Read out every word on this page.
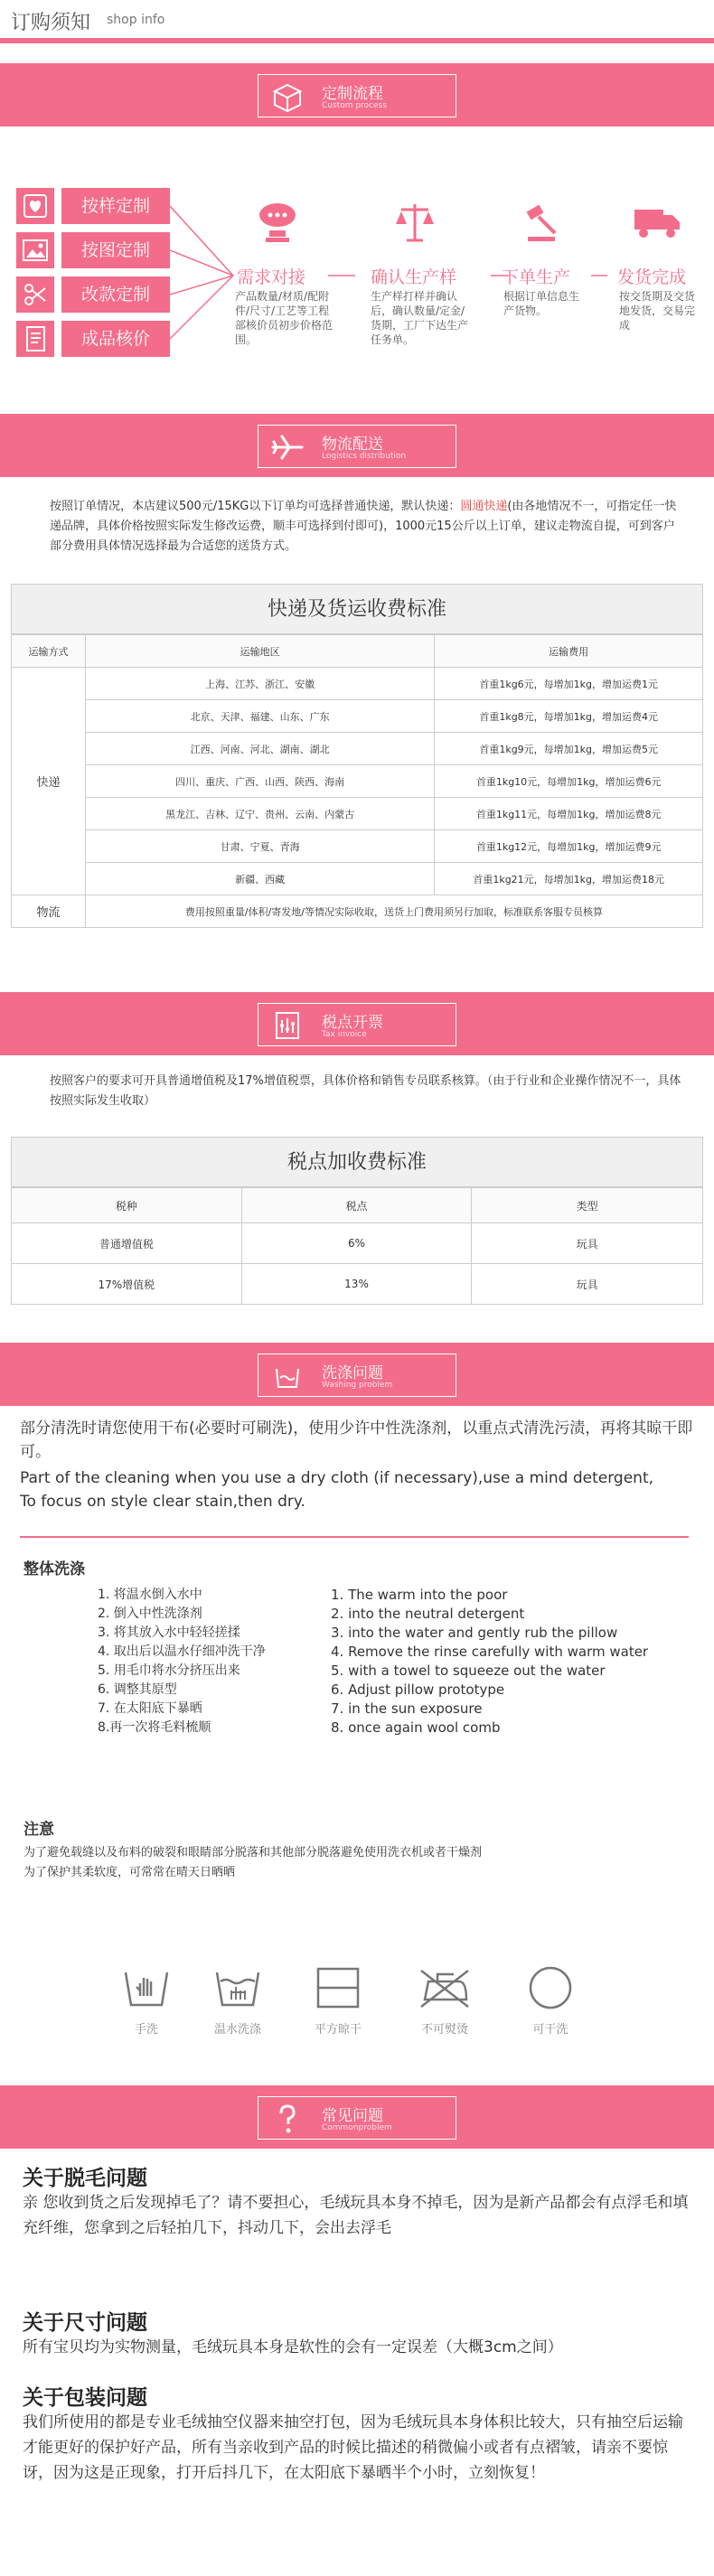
订购须知 shop info
定制流程
Custom process
按样定制
按图定制
改款定制
成品核价
需求对接
产品数量/材质/配附件/尺寸/工艺等工程部核价员初步价格范围。
确认生产样
生产样打样并确认后，确认数量/定金/货期，工厂下达生产任务单。
下单生产
根据订单信息生产货物。
发货完成
按交货期及交货地发货，交易完成
物流配送
Logistics distribution
按照订单情况，本店建议500元/15KG以下订单均可选择普通快递，默认快递：圆通快递(由各地情况不一，可指定任一快递品牌，具体价格按照实际发生修改运费，顺丰可选择到付即可)，1000元15公斤以上订单，建议走物流自提，可到客户部分费用具体情况选择最为合适您的送货方式。
快递及货运收费标准
运输方式	运输地区	运输费用
快递	上海、江苏、浙江、安徽	首重1kg6元，每增加1kg，增加运费1元
	北京、天津、福建、山东、广东	首重1kg8元，每增加1kg，增加运费4元
	江西、河南、河北、湖南、湖北	首重1kg9元，每增加1kg，增加运费5元
	四川、重庆、广西、山西、陕西、海南	首重1kg10元，每增加1kg，增加运费6元
	黑龙江、吉林、辽宁、贵州、云南、内蒙古	首重1kg11元，每增加1kg，增加运费8元
	甘肃、宁夏、青海	首重1kg12元，每增加1kg，增加运费9元
	新疆、西藏	首重1kg21元，每增加1kg，增加运费18元
物流	费用按照重量/体积/寄发地/等情况实际收取，送货上门费用须另行加取，标准联系客服专员核算	
税点开票
Tax invoice
按照客户的要求可开具普通增值税及17%增值税票，具体价格和销售专员联系核算。（由于行业和企业操作情况不一，具体按照实际发生收取）
税点加收费标准
税种	税点	类型
普通增值税	6%	玩具
17%增值税	13%	玩具
洗涤问题
Washing problem
部分清洗时请您使用干布(必要时可刷洗)，使用少许中性洗涤剂，以重点式清洗污渍，再将其晾干即可。
Part of the cleaning when you use a dry cloth (if necessary),use a mind detergent,
To focus on style clear stain,then dry.
整体洗涤
1. 将温水倒入水中
2. 倒入中性洗涤剂
3. 将其放入水中轻轻搓揉
4. 取出后以温水仔细冲洗干净
5. 用毛巾将水分挤压出来
6. 调整其原型
7. 在太阳底下暴晒
8.再一次将毛料梳顺
1. The warm into the poor
2. into the neutral detergent
3. into the water and gently rub the pillow
4. Remove the rinse carefully with warm water
5. with a towel to squeeze out the water
6. Adjust pillow prototype
7. in the sun exposure
8. once again wool comb
注意
为了避免载缝以及布料的破裂和眼睛部分脱落和其他部分脱落避免使用洗衣机或者干燥剂
为了保护其柔软度，可常常在晴天日晒晒
手洗	温水洗涤	平方晾干	不可熨烫	可干洗
常见问题
Commonproblem
关于脱毛问题
亲 您收到货之后发现掉毛了？请不要担心，毛绒玩具本身不掉毛，因为是新产品都会有点浮毛和填充纤维，您拿到之后轻拍几下，抖动几下，会出去浮毛
关于尺寸问题
所有宝贝均为实物测量，毛绒玩具本身是软性的会有一定误差（大概3cm之间）
关于包装问题
我们所使用的都是专业毛绒抽空仪器来抽空打包，因为毛绒玩具本身体积比较大，只有抽空后运输才能更好的保护好产品，所有当亲收到产品的时候比描述的稍微偏小或者有点褶皱，请亲不要惊讶，因为这是正现象，打开后抖几下，在太阳底下暴晒半个小时，立刻恢复！
